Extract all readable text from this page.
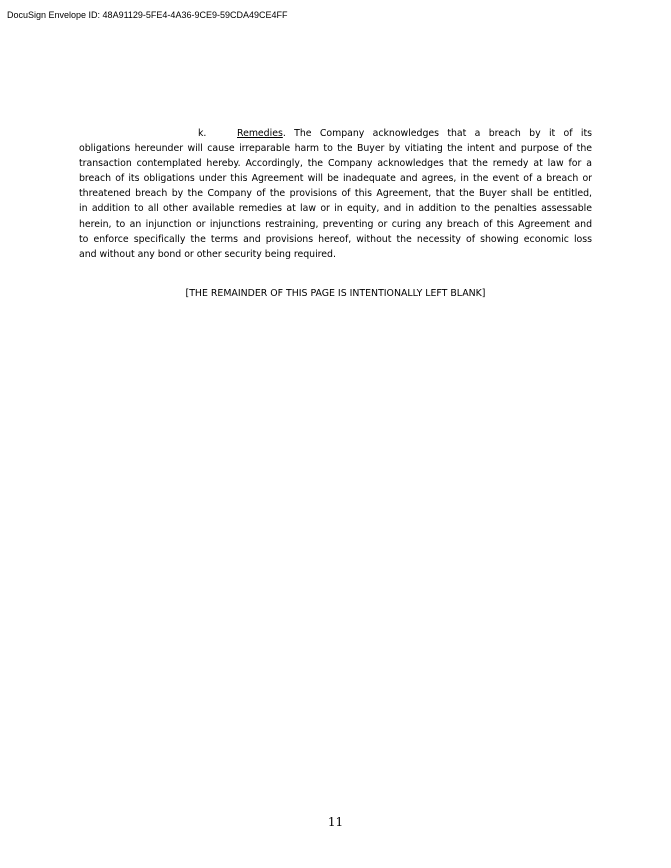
DocuSign Envelope ID: 48A91129-5FE4-4A36-9CE9-59CDA49CE4FF

k.	Remedies. The Company acknowledges that a breach by it of its
obligations hereunder will cause irreparable harm to the Buyer by vitiating the intent and purpose of the
transaction contemplated hereby. Accordingly, the Company acknowledges that the remedy at law for a
breach of its obligations under this Agreement will be inadequate and agrees, in the event of a breach or
threatened breach by the Company of the provisions of this Agreement, that the Buyer shall be entitled,
in addition to all other available remedies at law or in equity, and in addition to the penalties assessable
herein, to an injunction or injunctions restraining, preventing or curing any breach of this Agreement and
to enforce specifically the terms and provisions hereof, without the necessity of showing economic loss
and without any bond or other security being required.

[THE REMAINDER OF THIS PAGE IS INTENTIONALLY LEFT BLANK]
11
